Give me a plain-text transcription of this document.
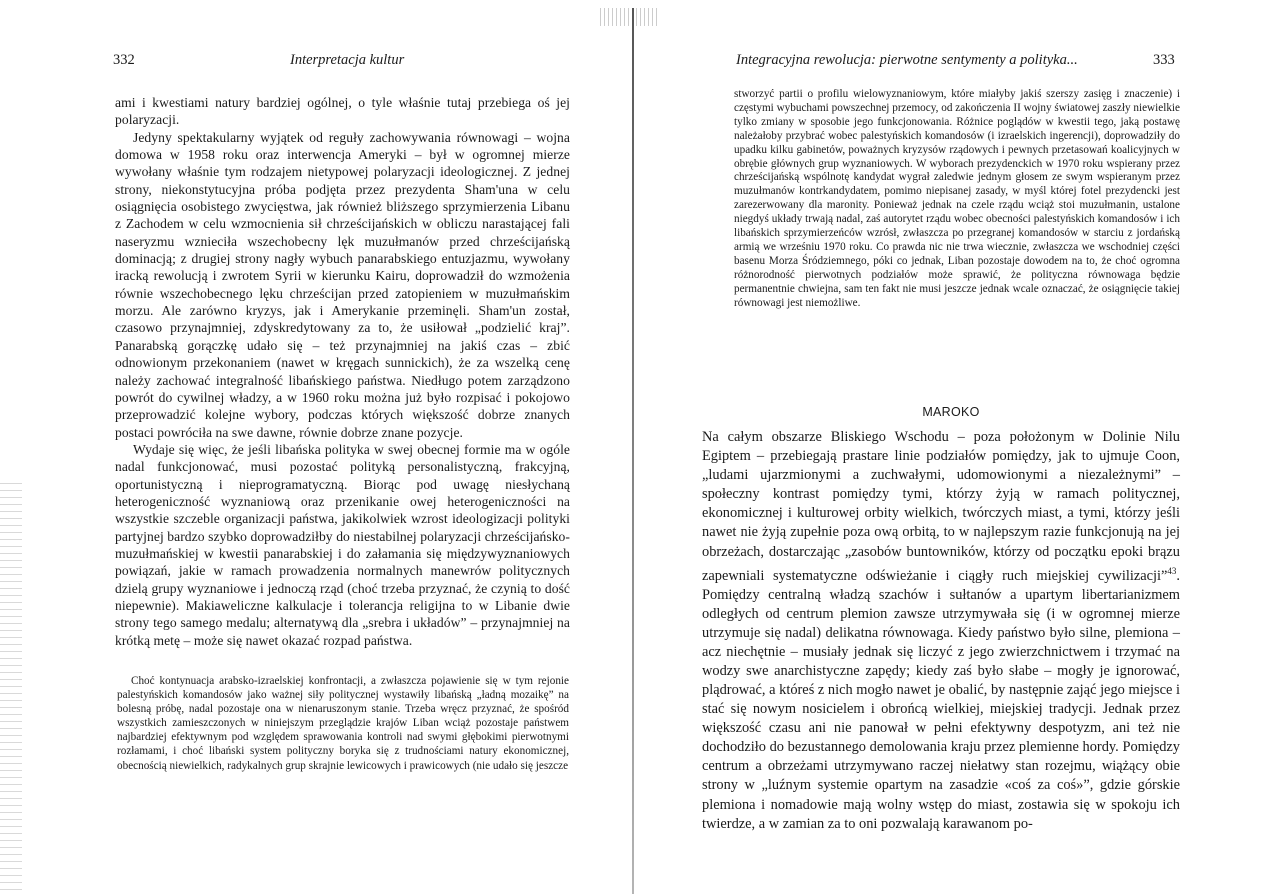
332	Interpretacja kultur

ami i kwestiami natury bardziej ogólnej, o tyle właśnie tutaj przebiega oś jej polaryzacji.

Jedyny spektakularny wyjątek od reguły zachowywania równowagi – wojna domowa w 1958 roku oraz interwencja Ameryki – był w ogromnej mierze wywołany właśnie tym rodzajem nietypowej polaryzacji ideologicznej. Z jednej strony, niekonstytucyjna próba podjęta przez prezydenta Sham'una w celu osiągnięcia osobistego zwycięstwa, jak również bliższego sprzymierzenia Libanu z Zachodem w celu wzmocnienia sił chrześcijańskich w obliczu narastającej fali naseryzmu wznieciła wszechobecny lęk muzułmanów przed chrześcijańską dominacją; z drugiej strony nagły wybuch panarabskiego entuzjazmu, wywołany iracką rewolucją i zwrotem Syrii w kierunku Kairu, doprowadził do wzmożenia równie wszechobecnego lęku chrześcijan przed zatopieniem w muzułmańskim morzu. Ale zarówno kryzys, jak i Amerykanie przeminęli. Sham'un został, czasowo przynajmniej, zdyskredytowany za to, że usiłował „podzielić kraj”. Panarabską gorączkę udało się – też przynajmniej na jakiś czas – zbić odnowionym przekonaniem (nawet w kręgach sunnickich), że za wszelką cenę należy zachować integralność libańskiego państwa. Niedługo potem zarządzono powrót do cywilnej władzy, a w 1960 roku można już było rozpisać i pokojowo przeprowadzić kolejne wybory, podczas których większość dobrze znanych postaci powróciła na swe dawne, równie dobrze znane pozycje.

Wydaje się więc, że jeśli libańska polityka w swej obecnej formie ma w ogóle nadal funkcjonować, musi pozostać polityką personalistyczną, frakcyjną, oportunistyczną i nieprogramatyczną. Biorąc pod uwagę niesłychaną heterogeniczność wyznaniową oraz przenikanie owej heterogeniczności na wszystkie szczeble organizacji państwa, jakikolwiek wzrost ideologizacji polityki partyjnej bardzo szybko doprowadziłby do niestabilnej polaryzacji chrześcijańsko-muzułmańskiej w kwestii panarabskiej i do załamania się międzywyznaniowych powiązań, jakie w ramach prowadzenia normalnych manewrów politycznych dzielą grupy wyznaniowe i jednoczą rząd (choć trzeba przyznać, że czynią to dość niepewnie). Makiaweliczne kalkulacje i tolerancja religijna to w Libanie dwie strony tego samego medalu; alternatywą dla „srebra i układów” – przynajmniej na krótką metę – może się nawet okazać rozpad państwa.

Choć kontynuacja arabsko-izraelskiej konfrontacji, a zwłaszcza pojawienie się w tym rejonie palestyńskich komandosów jako ważnej siły politycznej wystawiły libańską „ładną mozaikę” na bolesną próbę, nadal pozostaje ona w nienaruszonym stanie. Trzeba wręcz przyznać, że spośród wszystkich zamieszczonych w niniejszym przeglądzie krajów Liban wciąż pozostaje państwem najbardziej efektywnym pod względem sprawowania kontroli nad swymi głębokimi pierwotnymi rozłamami, i choć libański system polityczny boryka się z trudnościami natury ekonomicznej, obecnością niewielkich, radykalnych grup skrajnie lewicowych i prawicowych (nie udało się jeszcze
Integracyjna rewolucja: pierwotne sentymenty a polityka...	333
stworzyć partii o profilu wielowyznaniowym, które miałyby jakiś szerszy zasięg i znaczenie) i częstymi wybuchami powszechnej przemocy, od zakończenia II wojny światowej zaszły niewielkie tylko zmiany w sposobie jego funkcjonowania. Różnice poglądów w kwestii tego, jaką postawę należałoby przybrać wobec palestyńskich komandosów (i izraelskich ingerencji), doprowadziły do upadku kilku gabinetów, poważnych kryzysów rządowych i pewnych przetasowań koalicyjnych w obrębie głównych grup wyznaniowych. W wyborach prezydenckich w 1970 roku wspierany przez chrześcijańską wspólnotę kandydat wygrał zaledwie jednym głosem ze swym wspieranym przez muzułmanów kontrkandydatem, pomimo niepisanej zasady, w myśl której fotel prezydencki jest zarezerwowany dla maronity. Ponieważ jednak na czele rządu wciąż stoi muzułmanin, ustalone niegdyś układy trwają nadal, zaś autorytet rządu wobec obecności palestyńskich komandosów i ich libańskich sprzymierzeńców wzrósł, zwłaszcza po przegranej komandosów w starciu z jordańską armią we wrześniu 1970 roku. Co prawda nic nie trwa wiecznie, zwłaszcza we wschodniej części basenu Morza Śródziemnego, póki co jednak, Liban pozostaje dowodem na to, że choć ogromna różnorodność pierwotnych podziałów może sprawić, że polityczna równowaga będzie permanentnie chwiejna, sam ten fakt nie musi jeszcze jednak wcale oznaczać, że osiągnięcie takiej równowagi jest niemożliwe.
MAROKO

Na całym obszarze Bliskiego Wschodu – poza położonym w Dolinie Nilu Egiptem – przebiegają prastare linie podziałów pomiędzy, jak to ujmuje Coon, „ludami ujarzmionymi a zuchwałymi, udomowionymi a niezależnymi” – społeczny kontrast pomiędzy tymi, którzy żyją w ramach politycznej, ekonomicznej i kulturowej orbity wielkich, twórczych miast, a tymi, którzy jeśli nawet nie żyją zupełnie poza ową orbitą, to w najlepszym razie funkcjonują na jej obrzeżach, dostarczając „zasobów buntowników, którzy od początku epoki brązu zapewniali systematyczne odświeżanie i ciągły ruch miejskiej cywilizacji”$^{43}$. Pomiędzy centralną władzą szachów i sułtanów a upartym libertarianizmem odległych od centrum plemion zawsze utrzymywała się (i w ogromnej mierze utrzymuje się nadal) delikatna równowaga. Kiedy państwo było silne, plemiona – acz niechętnie – musiały jednak się liczyć z jego zwierzchnictwem i trzymać na wodzy swe anarchistyczne zapędy; kiedy zaś było słabe – mogły je ignorować, plądrować, a któreś z nich mogło nawet je obalić, by następnie zająć jego miejsce i stać się nowym nosicielem i obrońcą wielkiej, miejskiej tradycji. Jednak przez większość czasu ani nie panował w pełni efektywny despotyzm, ani też nie dochodziło do bezustannego demolowania kraju przez plemienne hordy. Pomiędzy centrum a obrzeżami utrzymywano raczej niełatwy stan rozejmu, wiążący obie strony w „luźnym systemie opartym na zasadzie «coś za coś»”, gdzie górskie plemiona i nomadowie mają wolny wstęp do miast, zostawia się w spokoju ich twierdze, a w zamian za to oni pozwalają karawanom po-
